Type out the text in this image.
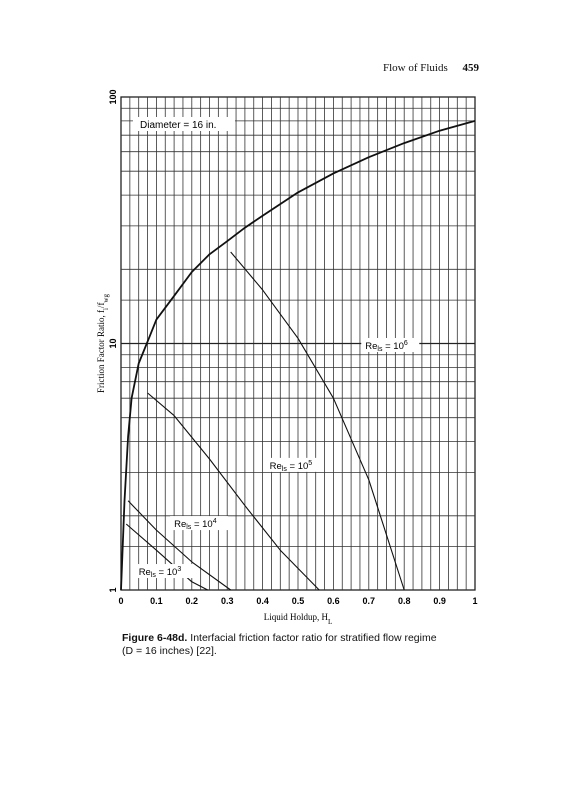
Flow of Fluids 459
0	0.1	0.2	0.3	0.4	0.5	0.6	0.7	0.8	0.9	1
1
10
100
Liquid Holdup, $H_L$
Friction Factor Ratio, $f_i/f_{wg}$
Diameter = 16 in.
$Re_{ls} = 10^6$
$Re_{ls} = 10^5$
$Re_{ls} = 10^4$
$Re_{ls} = 10^3$
Figure 6-48d. Interfacial friction factor ratio for stratified flow regime
(D = 16 inches) [22].
